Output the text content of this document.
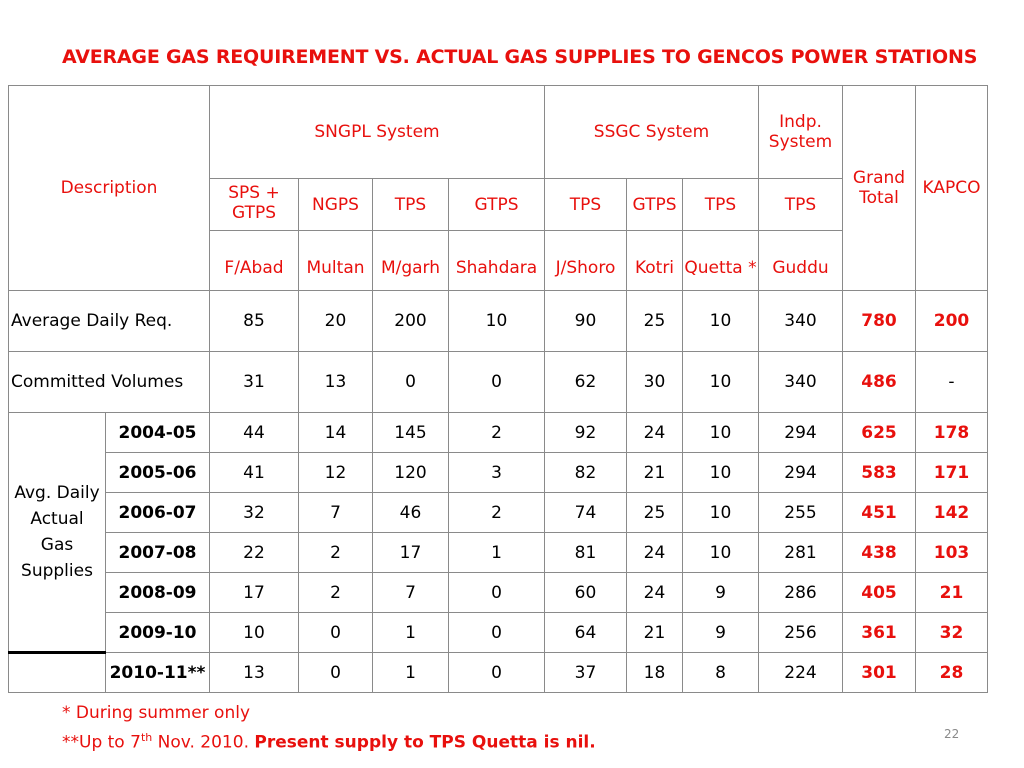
AVERAGE GAS REQUIREMENT VS. ACTUAL GAS SUPPLIES TO GENCOS POWER STATIONS
Description		SNGPL System				SSGC System			Indp. System	Grand Total	KAPCO
		SPS + GTPS	NGPS	TPS	GTPS	TPS	GTPS	TPS	TPS		
		F/Abad	Multan	M/garh	Shahdara	J/Shoro	Kotri	Quetta *	Guddu		
Average Daily Req.		85	20	200	10	90	25	10	340	780	200
Committed Volumes		31	13	0	0	62	30	10	340	486	-
Avg. Daily Actual Gas Supplies	2004-05	44	14	145	2	92	24	10	294	625	178
	2005-06	41	12	120	3	82	21	10	294	583	171
	2006-07	32	7	46	2	74	25	10	255	451	142
	2007-08	22	2	17	1	81	24	10	281	438	103
	2008-09	17	2	7	0	60	24	9	286	405	21
	2009-10	10	0	1	0	64	21	9	256	361	32
	2010-11**	13	0	1	0	37	18	8	224	301	28
* During summer only
**Up to 7th Nov. 2010. Present supply to TPS Quetta is nil.	22
